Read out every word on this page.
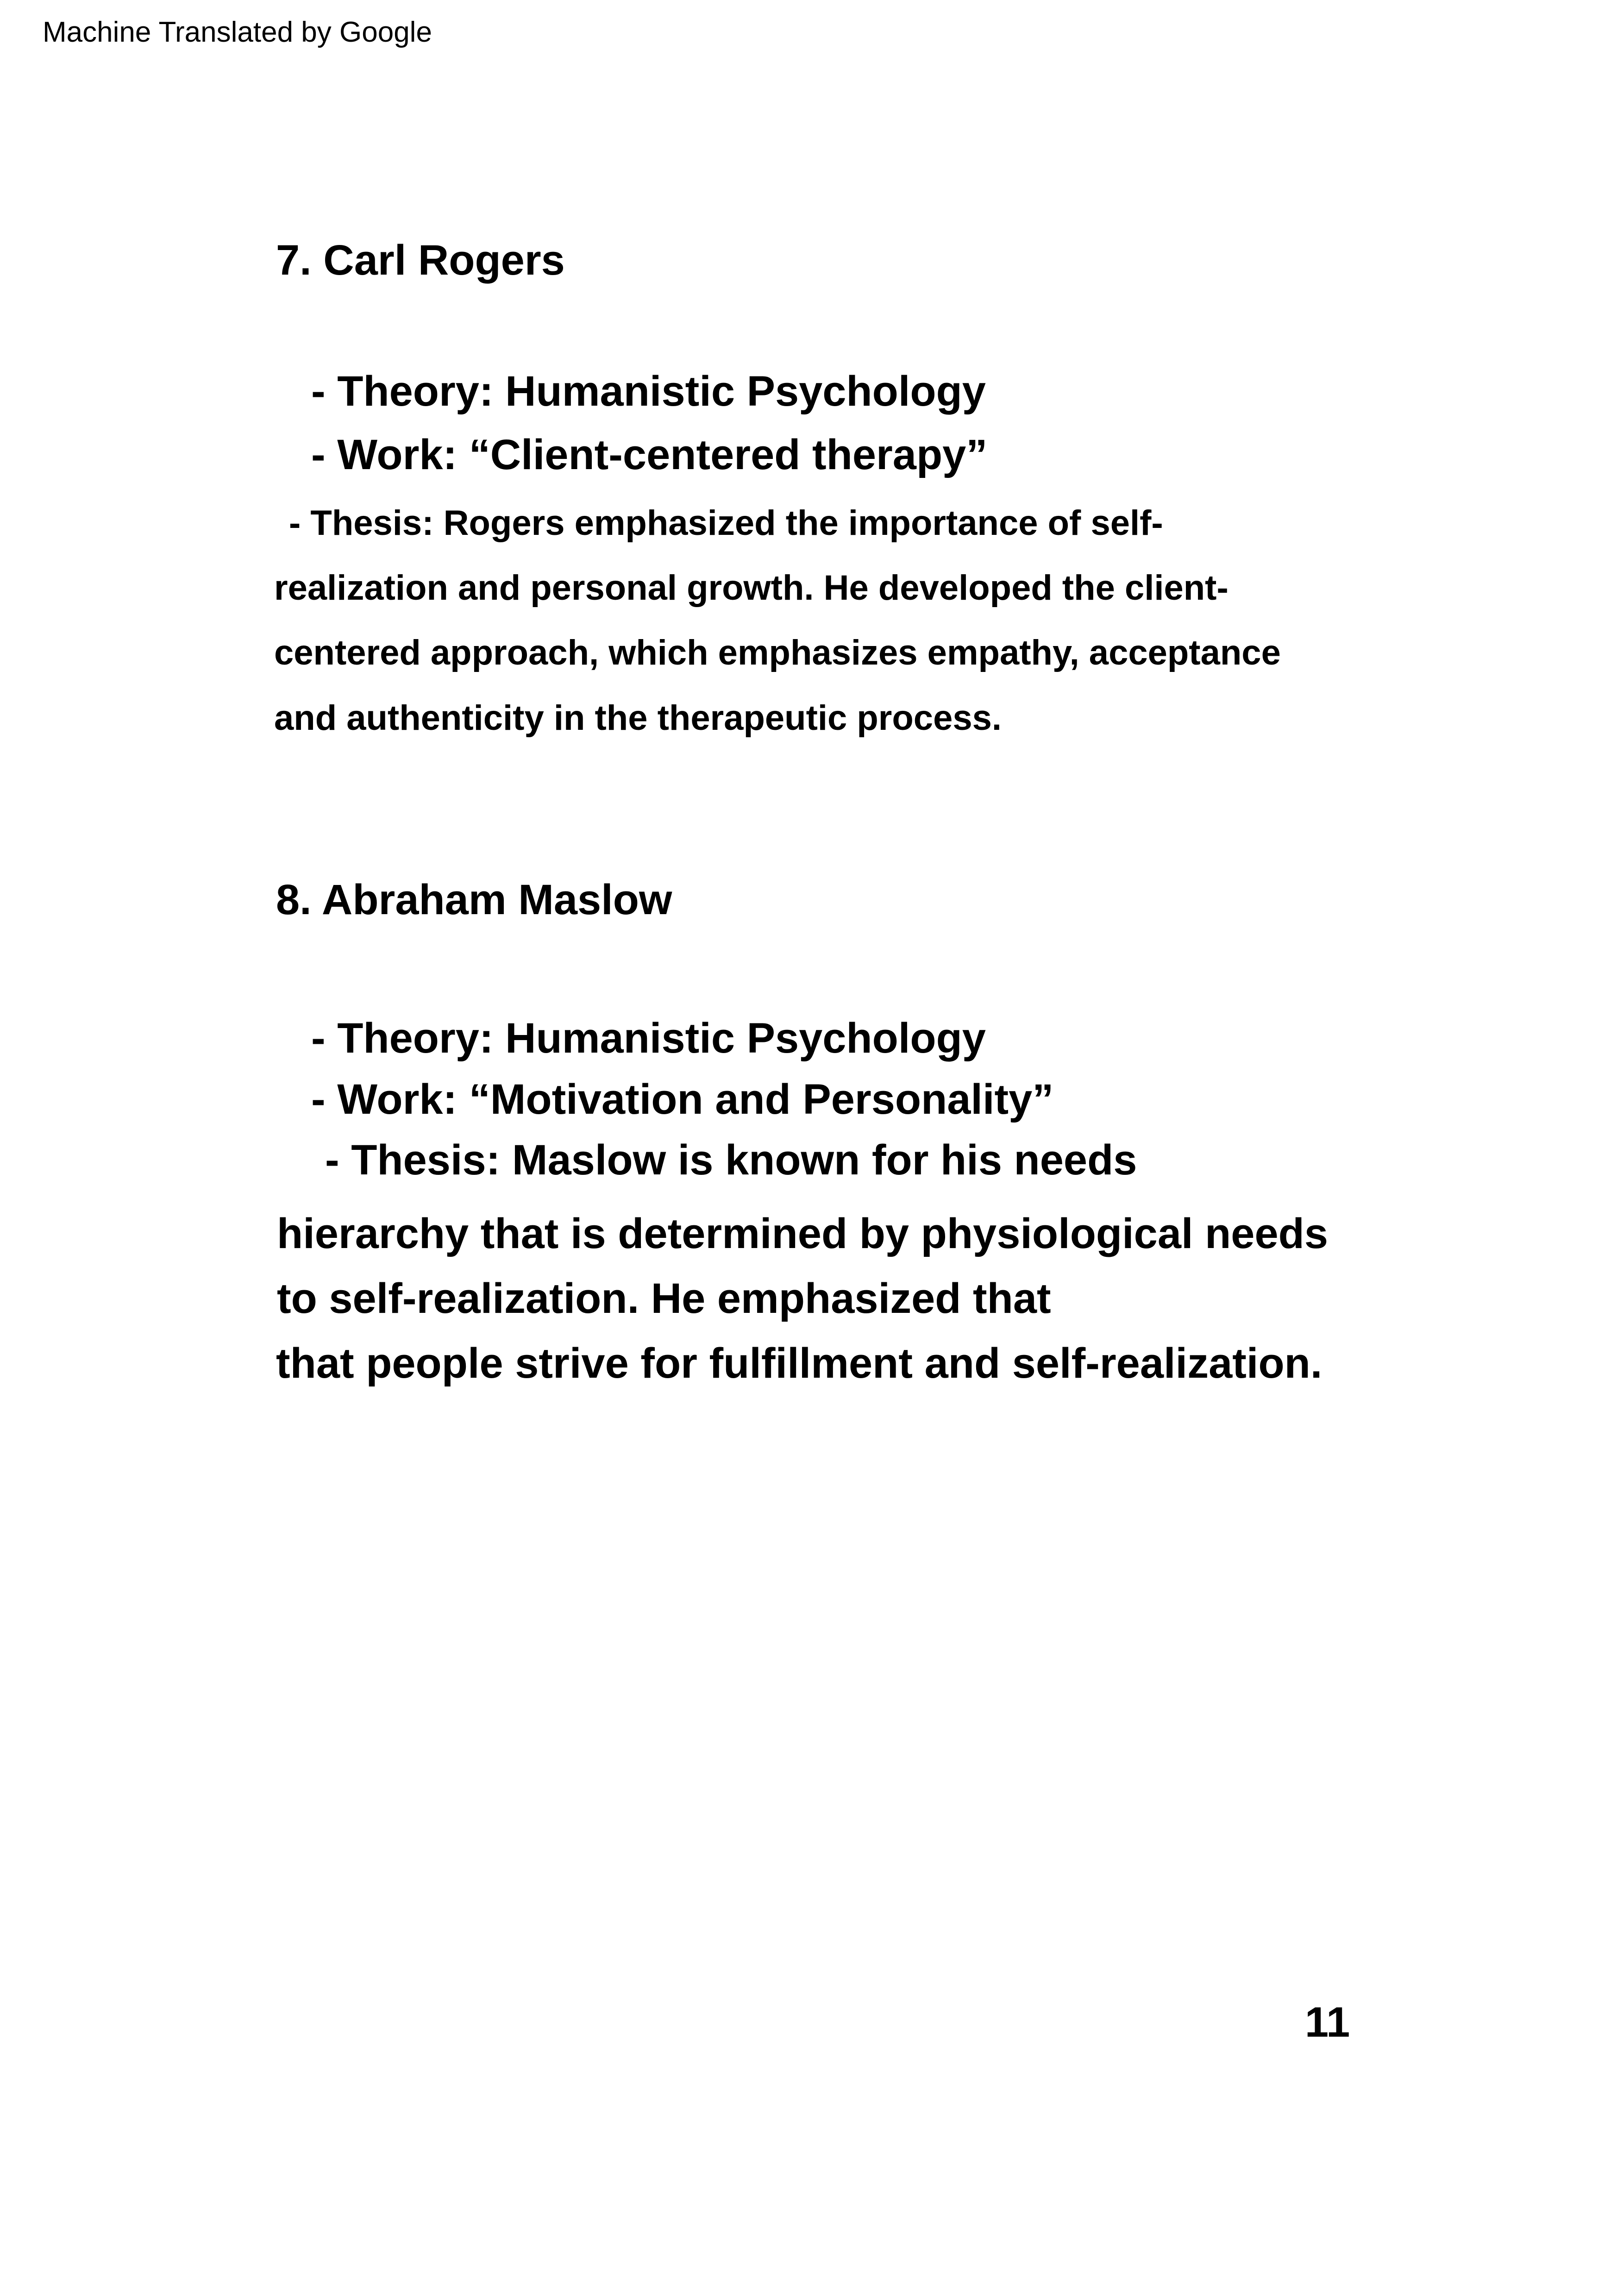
Machine Translated by Google
7. Carl Rogers
- Theory: Humanistic Psychology
- Work: “Client-centered therapy”
- Thesis: Rogers emphasized the importance of self-
realization and personal growth. He developed the client-
centered approach, which emphasizes empathy, acceptance
and authenticity in the therapeutic process.
8. Abraham Maslow
- Theory: Humanistic Psychology
- Work: “Motivation and Personality”
- Thesis: Maslow is known for his needs
hierarchy that is determined by physiological needs
to self-realization. He emphasized that
that people strive for fulfillment and self-realization.
11
